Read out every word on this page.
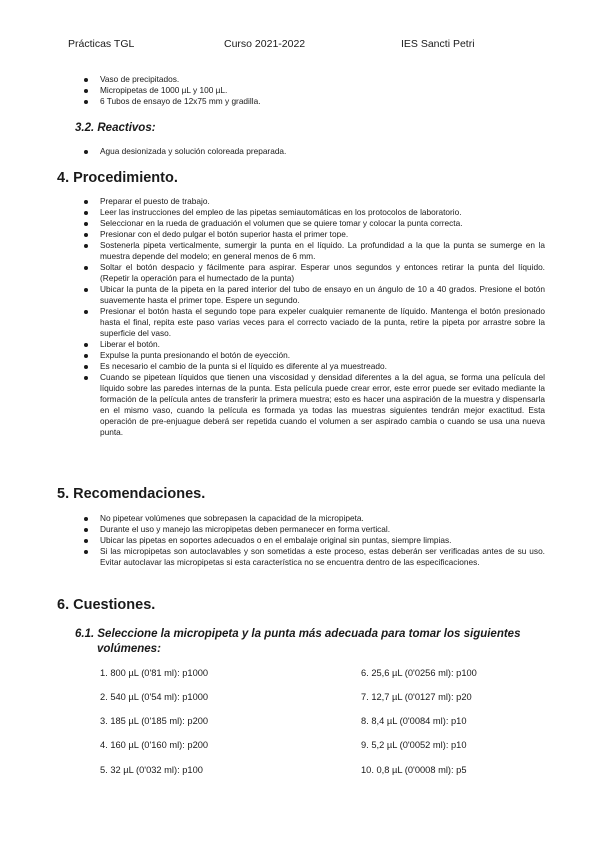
Prácticas TGL	Curso 2021-2022	IES Sancti Petri
Vaso de precipitados.
Micropipetas de 1000 µL y 100 µL.
6 Tubos de ensayo de 12x75 mm y gradilla.
3.2. Reactivos:
Agua desionizada y solución coloreada preparada.
4. Procedimiento.
Preparar el puesto de trabajo.
Leer las instrucciones del empleo de las pipetas semiautomáticas en los protocolos de laboratorio.
Seleccionar en la rueda de graduación el volumen que se quiere tomar y colocar la punta correcta.
Presionar con el dedo pulgar el botón superior hasta el primer tope.
Sostenerla pipeta verticalmente, sumergir la punta en el líquido. La profundidad a la que la punta se sumerge en la muestra depende del modelo; en general menos de 6 mm.
Soltar el botón despacio y fácilmente para aspirar. Esperar unos segundos y entonces retirar la punta del líquido. (Repetir la operación para el humectado de la punta)
Ubicar la punta de la pipeta en la pared interior del tubo de ensayo en un ángulo de 10 a 40 grados. Presione el botón suavemente hasta el primer tope. Espere un segundo.
Presionar el botón hasta el segundo tope para expeler cualquier remanente de líquido. Mantenga el botón presionado hasta el final, repita este paso varias veces para el correcto vaciado de la punta, retire la pipeta por arrastre sobre la superficie del vaso.
Liberar el botón.
Expulse la punta presionando el botón de eyección.
Es necesario el cambio de la punta si el líquido es diferente al ya muestreado.
Cuando se pipetean líquidos que tienen una viscosidad y densidad diferentes a la del agua, se forma una película del líquido sobre las paredes internas de la punta. Esta película puede crear error, este error puede ser evitado mediante la formación de la película antes de transferir la primera muestra; esto es hacer una aspiración de la muestra y dispensarla en el mismo vaso, cuando la película es formada ya todas las muestras siguientes tendrán mejor exactitud. Esta operación de pre-enjuague deberá ser repetida cuando el volumen a ser aspirado cambia o cuando se usa una nueva punta.
5. Recomendaciones.
No pipetear volúmenes que sobrepasen la capacidad de la micropipeta.
Durante el uso y manejo las micropipetas deben permanecer en forma vertical.
Ubicar las pipetas en soportes adecuados o en el embalaje original sin puntas, siempre limpias.
Si las micropipetas son autoclavables y son sometidas a este proceso, estas deberán ser verificadas antes de su uso. Evitar autoclavar las micropipetas si esta característica no se encuentra dentro de las especificaciones.
6. Cuestiones.
6.1. Seleccione la micropipeta y la punta más adecuada para tomar los siguientes
volúmenes:
1. 800 µL (0'81 ml): p1000
2. 540 µL (0'54 ml): p1000
3. 185 µL (0'185 ml): p200
4. 160 µL (0'160 ml): p200
5. 32 µL (0'032 ml): p100
6. 25,6 µL (0'0256 ml): p100
7. 12,7 µL (0'0127 ml): p20
8. 8,4 µL (0'0084 ml): p10
9. 5,2 µL (0'0052 ml): p10
10. 0,8 µL (0'0008 ml): p5
